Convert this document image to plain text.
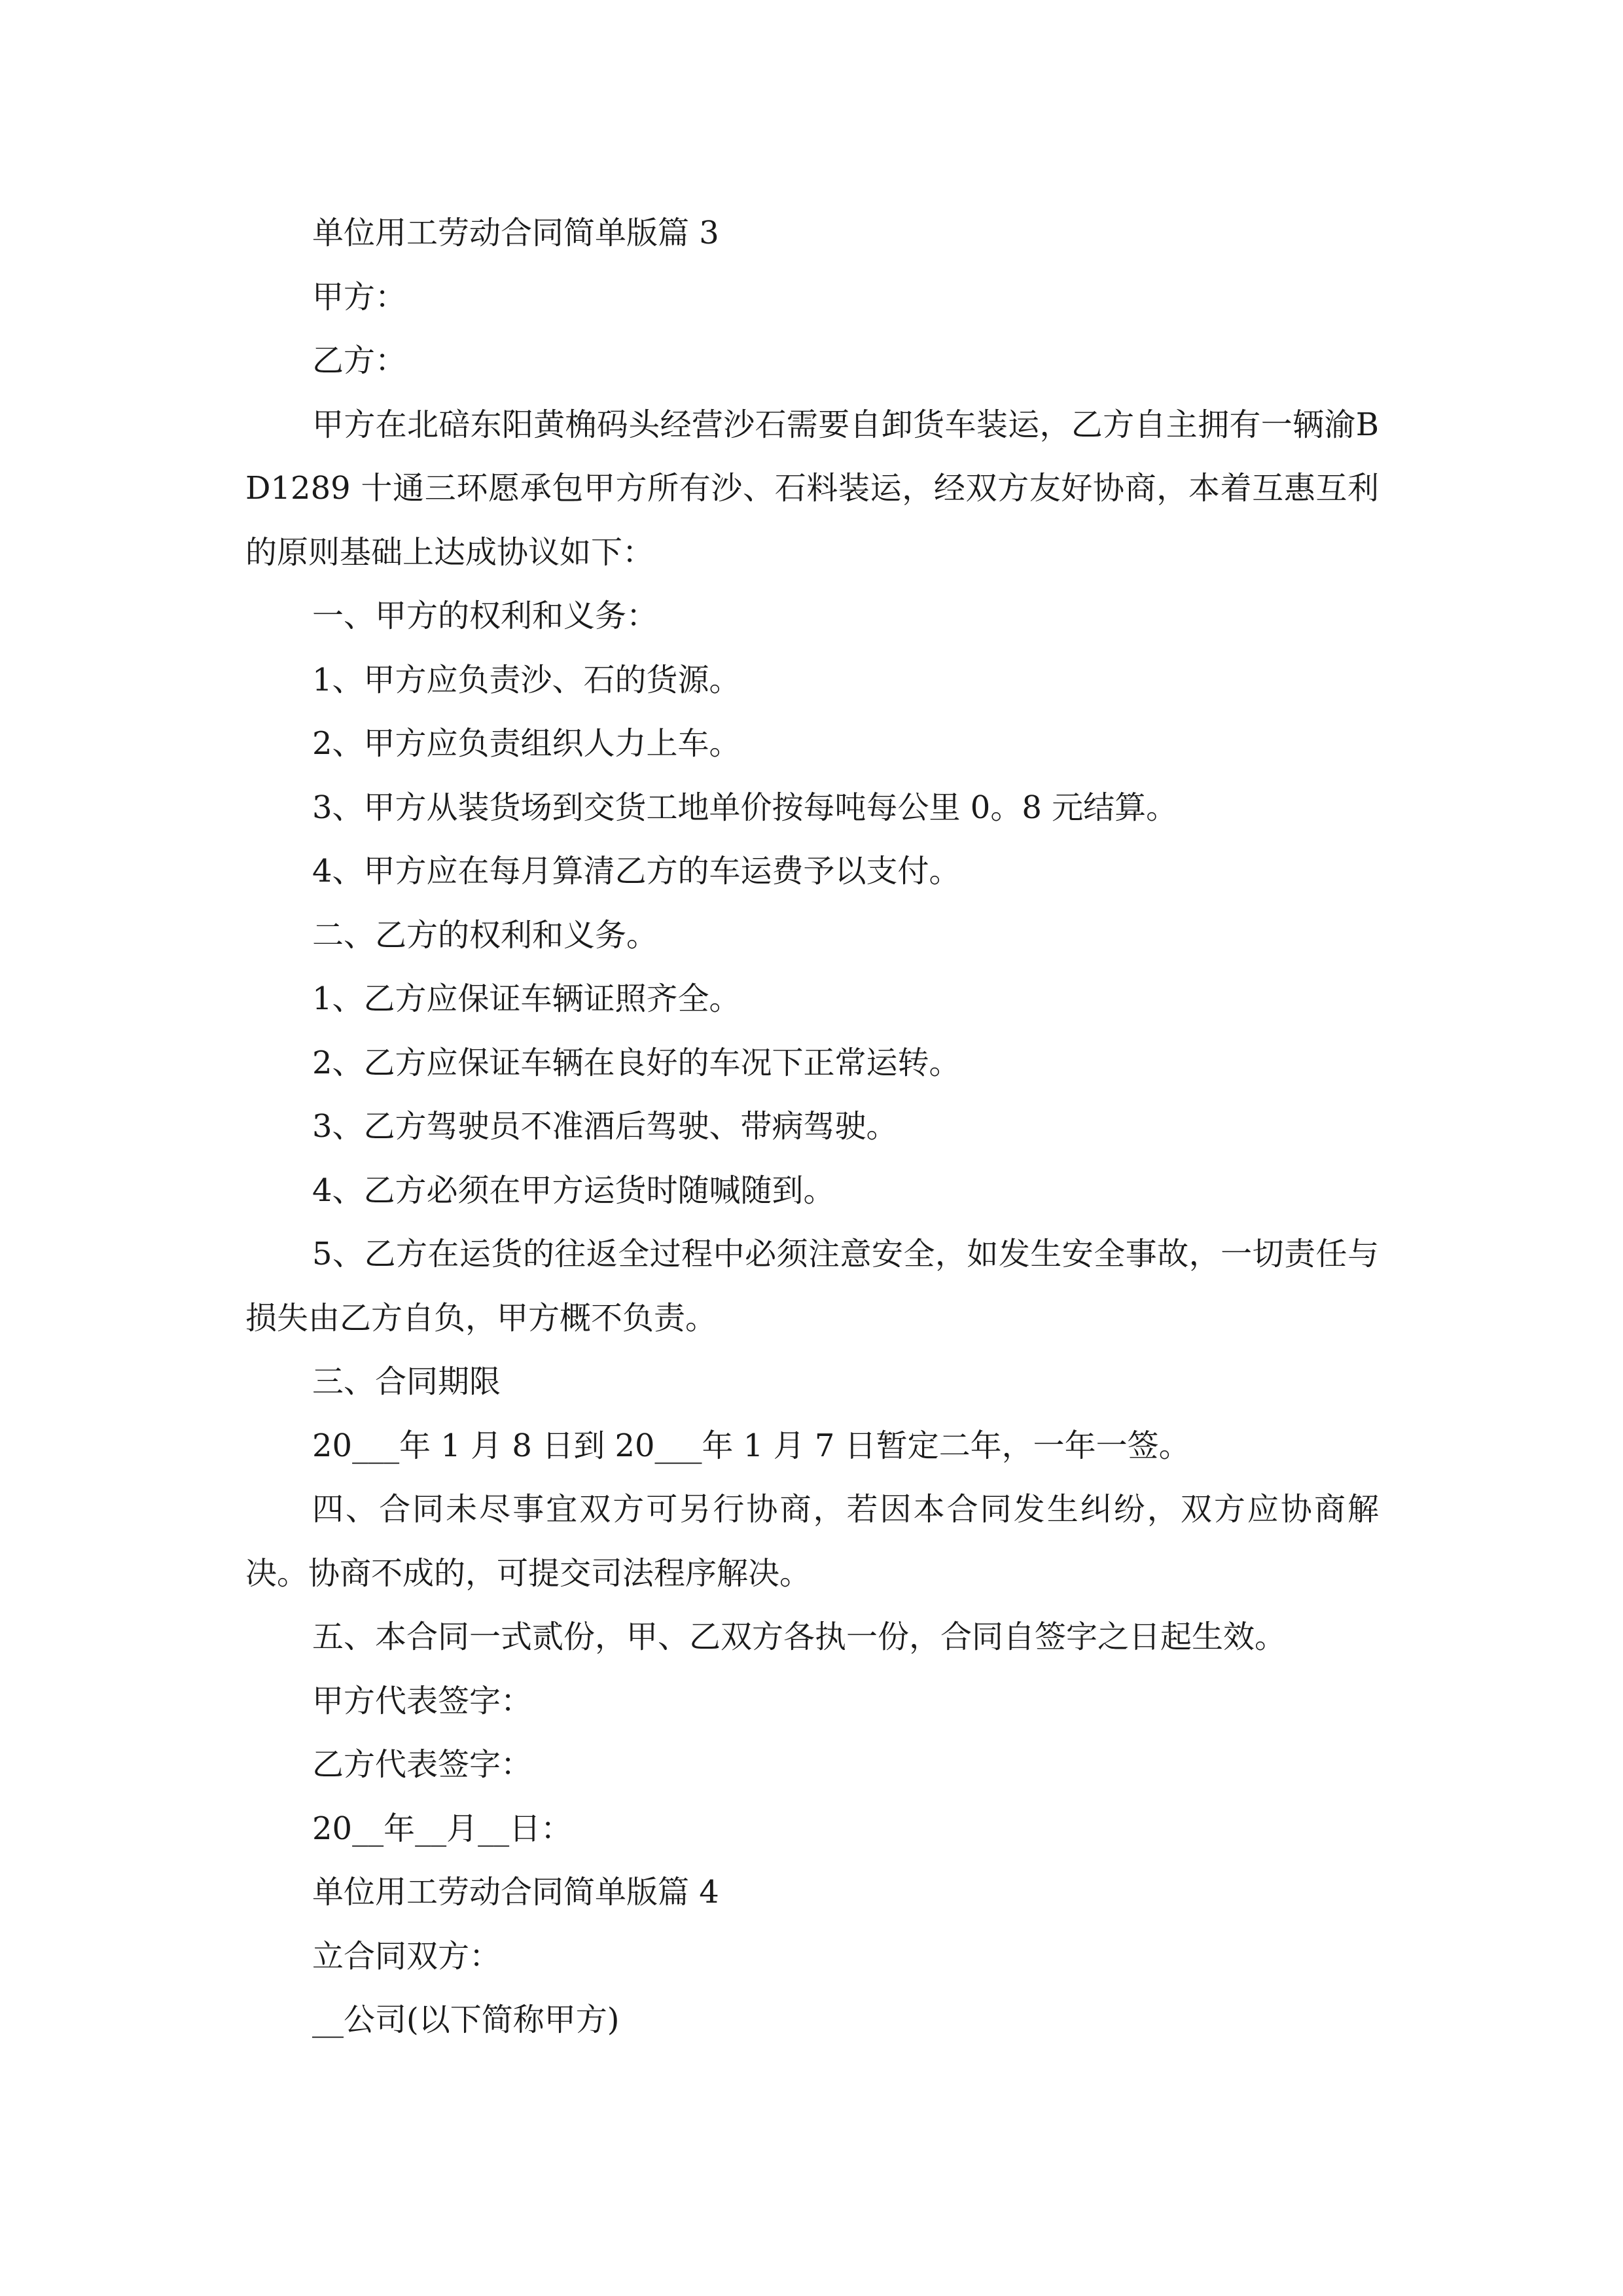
单位用工劳动合同简单版篇 3

甲方：

乙方：

甲方在北碚东阳黄桷码头经营沙石需要自卸货车装运，乙方自主拥有一辆渝BD1289 十通三环愿承包甲方所有沙、石料装运，经双方友好协商，本着互惠互利的原则基础上达成协议如下：

一、甲方的权利和义务：

1、甲方应负责沙、石的货源。

2、甲方应负责组织人力上车。

3、甲方从装货场到交货工地单价按每吨每公里 0。8 元结算。

4、甲方应在每月算清乙方的车运费予以支付。

二、乙方的权利和义务。

1、乙方应保证车辆证照齐全。

2、乙方应保证车辆在良好的车况下正常运转。

3、乙方驾驶员不准酒后驾驶、带病驾驶。

4、乙方必须在甲方运货时随喊随到。

5、乙方在运货的往返全过程中必须注意安全，如发生安全事故，一切责任与损失由乙方自负，甲方概不负责。

三、合同期限

20___年 1 月 8 日到 20___年 1 月 7 日暂定二年，一年一签。

四、合同未尽事宜双方可另行协商，若因本合同发生纠纷，双方应协商解决。协商不成的，可提交司法程序解决。

五、本合同一式贰份，甲、乙双方各执一份，合同自签字之日起生效。

甲方代表签字：

乙方代表签字：

20__年__月__日：

单位用工劳动合同简单版篇 4

立合同双方：

__公司(以下简称甲方)
